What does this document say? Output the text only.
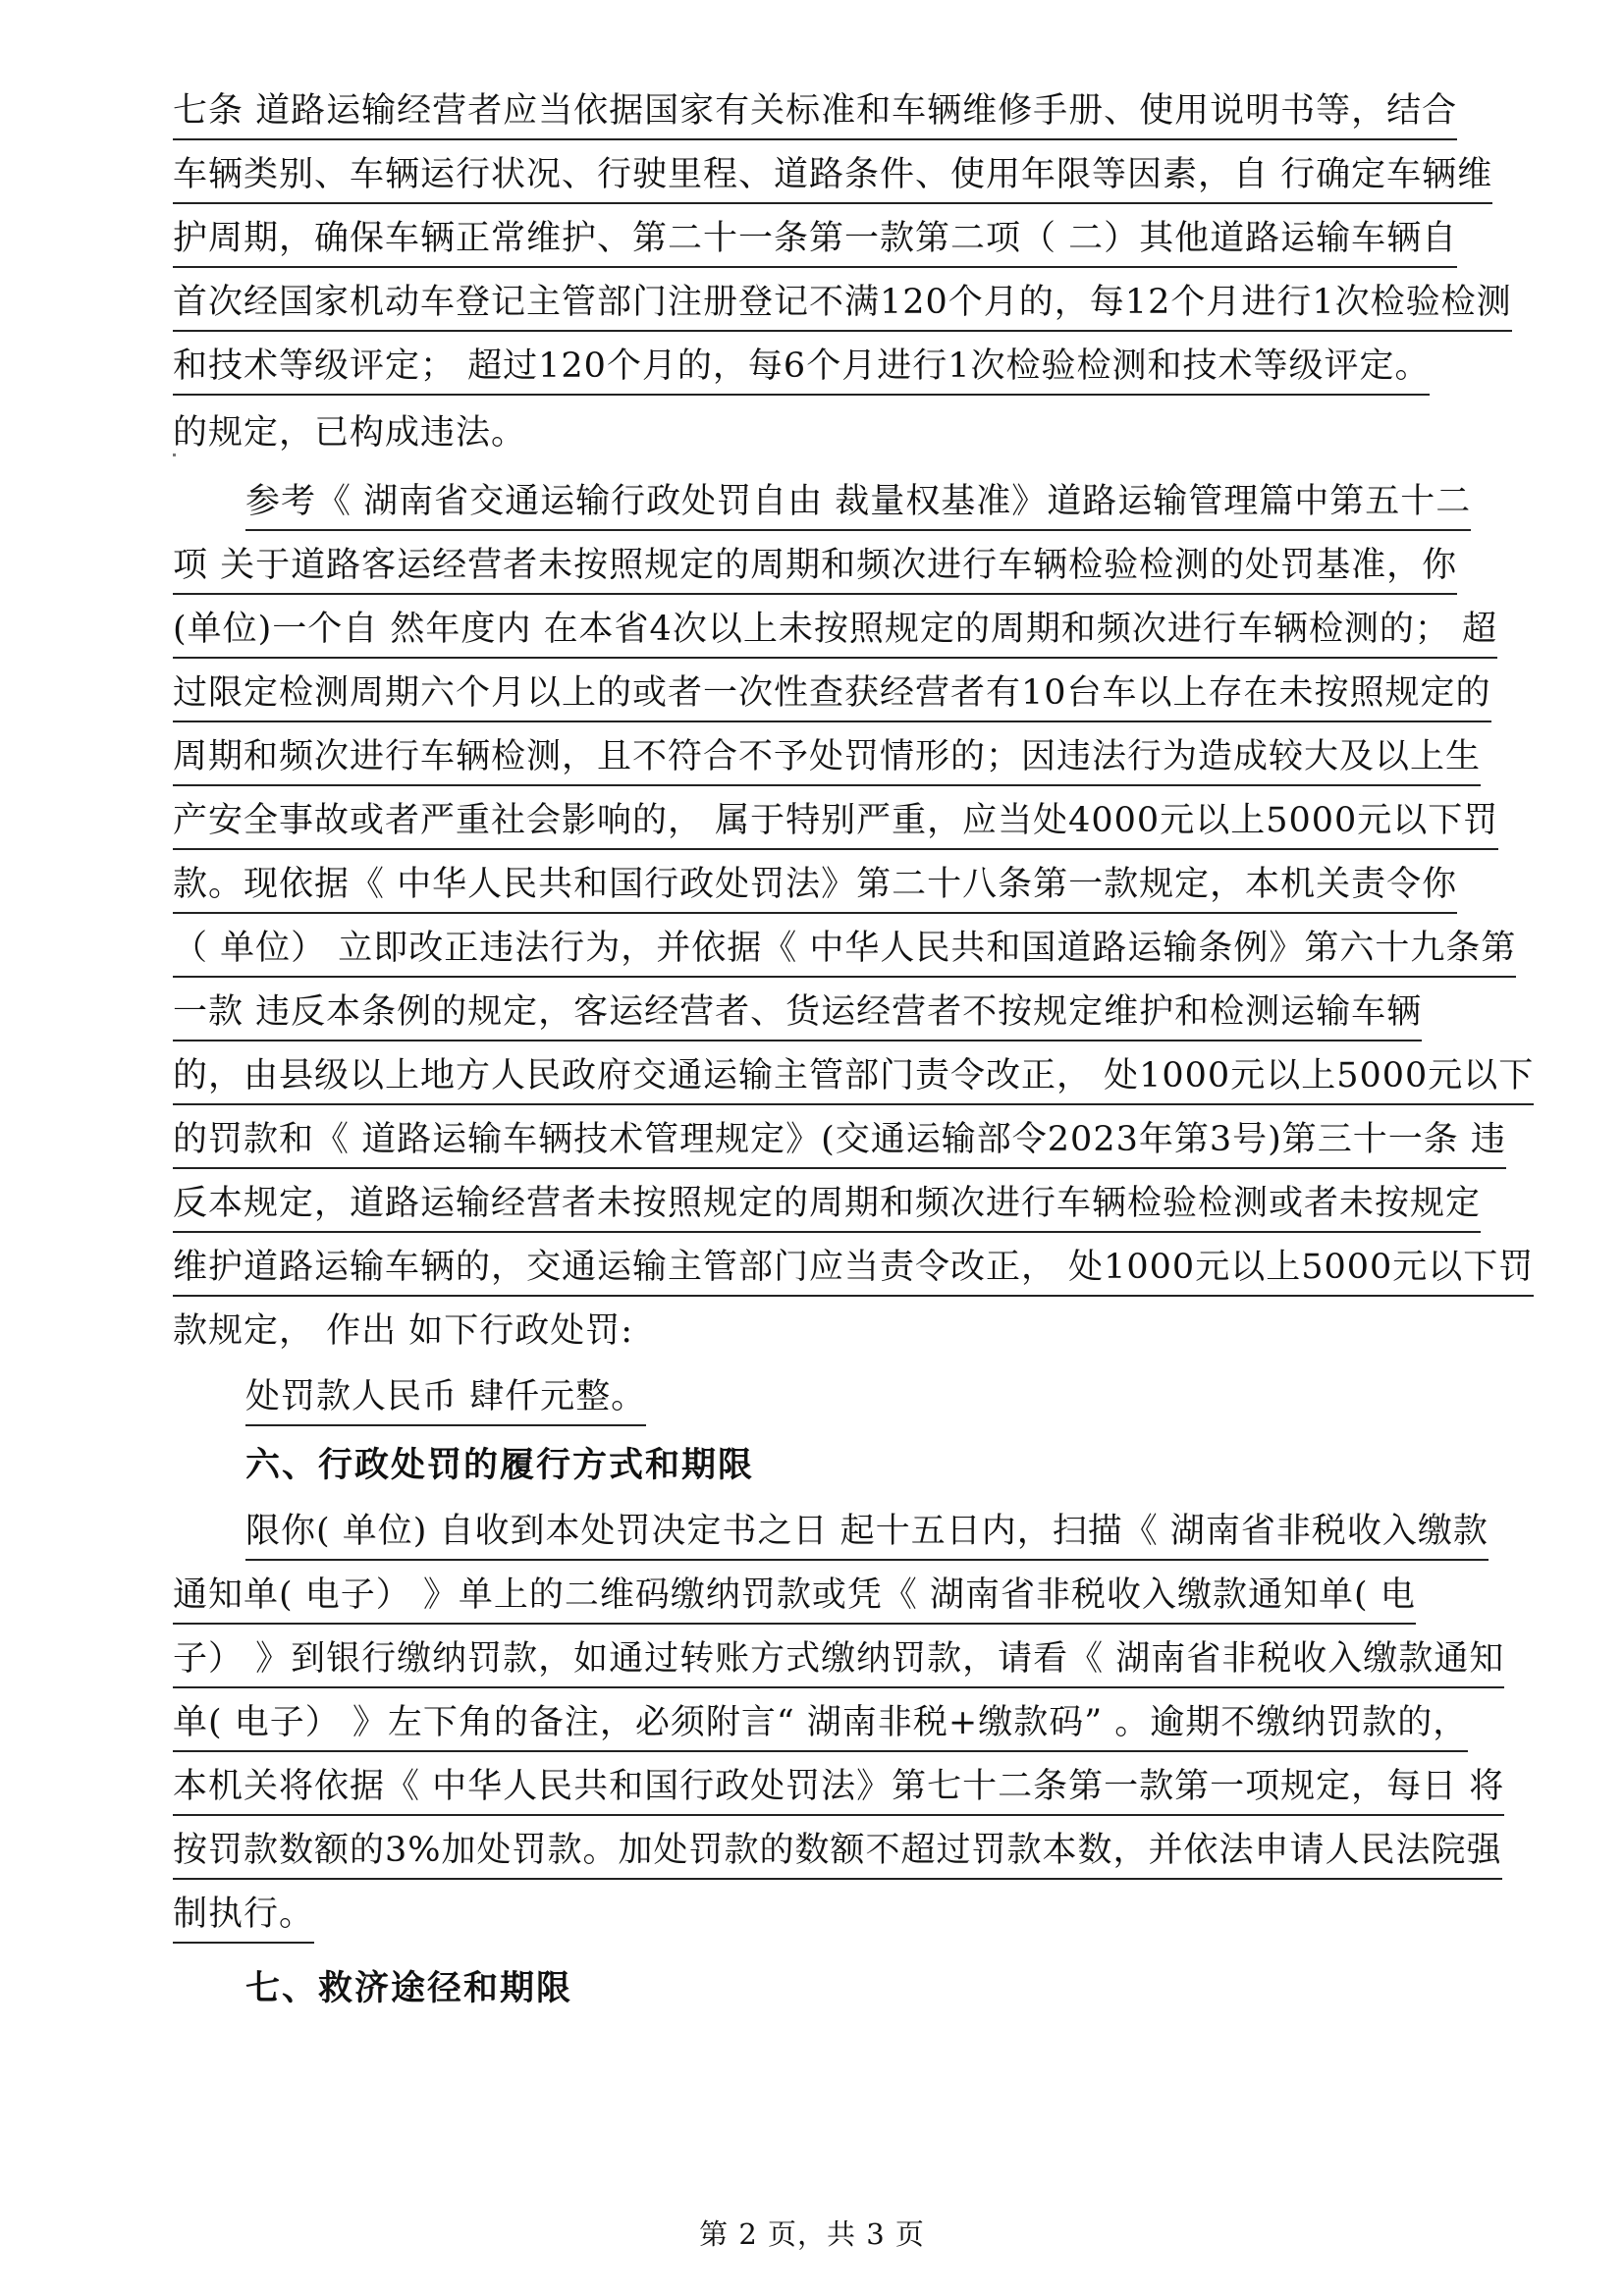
七条 道路运输经营者应当依据国家有关标准和车辆维修手册、使用说明书等，结合
车辆类别、车辆运行状况、行驶里程、道路条件、使用年限等因素，自 行确定车辆维
护周期，确保车辆正常维护、第二十一条第一款第二项（ 二）其他道路运输车辆自
首次经国家机动车登记主管部门注册登记不满120个月的，每12个月进行1次检验检测
和技术等级评定； 超过120个月的，每6个月进行1次检验检测和技术等级评定。
的规定，已构成违法。
参考《 湖南省交通运输行政处罚自由 裁量权基准》道路运输管理篇中第五十二
项 关于道路客运经营者未按照规定的周期和频次进行车辆检验检测的处罚基准，你
(单位)一个自 然年度内 在本省4次以上未按照规定的周期和频次进行车辆检测的； 超
过限定检测周期六个月以上的或者一次性查获经营者有10台车以上存在未按照规定的
周期和频次进行车辆检测，且不符合不予处罚情形的；因违法行为造成较大及以上生
产安全事故或者严重社会影响的， 属于特别严重，应当处4000元以上5000元以下罚
款。现依据《 中华人民共和国行政处罚法》第二十八条第一款规定，本机关责令你
（ 单位） 立即改正违法行为，并依据《 中华人民共和国道路运输条例》第六十九条第
一款 违反本条例的规定，客运经营者、货运经营者不按规定维护和检测运输车辆
的，由县级以上地方人民政府交通运输主管部门责令改正， 处1000元以上5000元以下
的罚款和《 道路运输车辆技术管理规定》(交通运输部令2023年第3号)第三十一条 违
反本规定，道路运输经营者未按照规定的周期和频次进行车辆检验检测或者未按规定
维护道路运输车辆的，交通运输主管部门应当责令改正， 处1000元以上5000元以下罚
款规定， 作出 如下行政处罚:
处罚款人民币 肆仟元整。
六、行政处罚的履行方式和期限
限你( 单位) 自收到本处罚决定书之日 起十五日内，扫描《 湖南省非税收入缴款
通知单( 电子） 》单上的二维码缴纳罚款或凭《 湖南省非税收入缴款通知单( 电
子） 》到银行缴纳罚款，如通过转账方式缴纳罚款，请看《 湖南省非税收入缴款通知
单( 电子） 》左下角的备注，必须附言“ 湖南非税+缴款码” 。逾期不缴纳罚款的，
本机关将依据《 中华人民共和国行政处罚法》第七十二条第一款第一项规定，每日 将
按罚款数额的3%加处罚款。加处罚款的数额不超过罚款本数，并依法申请人民法院强
制执行。
七、救济途径和期限
第 2 页，共 3 页
